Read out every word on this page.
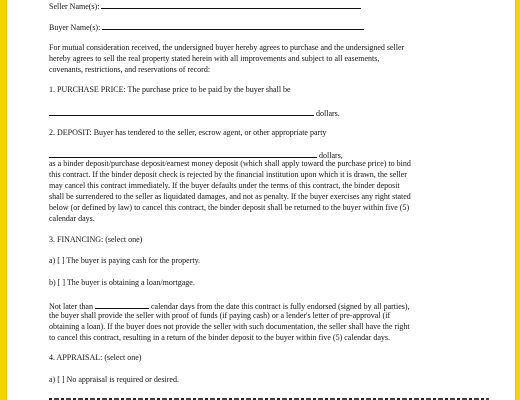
Seller Name(s):
Buyer Name(s):
For mutual consideration received, the undersigned buyer hereby agrees to purchase and the undersigned seller
hereby agrees to sell the real property stated herein with all improvements and subject to all easements,
covenants, restrictions, and reservations of record:
1. PURCHASE PRICE: The purchase price to be paid by the buyer shall be
dollars.
2. DEPOSIT: Buyer has tendered to the seller, escrow agent, or other appropriate party
dollars,
as a binder deposit/purchase deposit/earnest money deposit (which shall apply toward the purchase price) to bind
this contract. If the binder deposit check is rejected by the financial institution upon which it is drawn, the seller
may cancel this contract immediately. If the buyer defaults under the terms of this contract, the binder deposit
shall be surrendered to the seller as liquidated damages, and not as penalty. If the buyer exercises any right stated
below (or defined by law) to cancel this contract, the binder deposit shall be returned to the buyer within five (5)
calendar days.
3. FINANCING: (select one)
a) [ ] The buyer is paying cash for the property.
b) [ ] The buyer is obtaining a loan/mortgage.
Not later than	calendar days from the date this contract is fully endorsed (signed by all parties),
the buyer shall provide the seller with proof of funds (if paying cash) or a lender's letter of pre-approval (if
obtaining a loan). If the buyer does not provide the seller with such documentation, the seller shall have the right
to cancel this contract, resulting in a return of the binder deposit to the buyer within five (5) calendar days.
4. APPRAISAL: (select one)
a) [ ] No appraisal is required or desired.
